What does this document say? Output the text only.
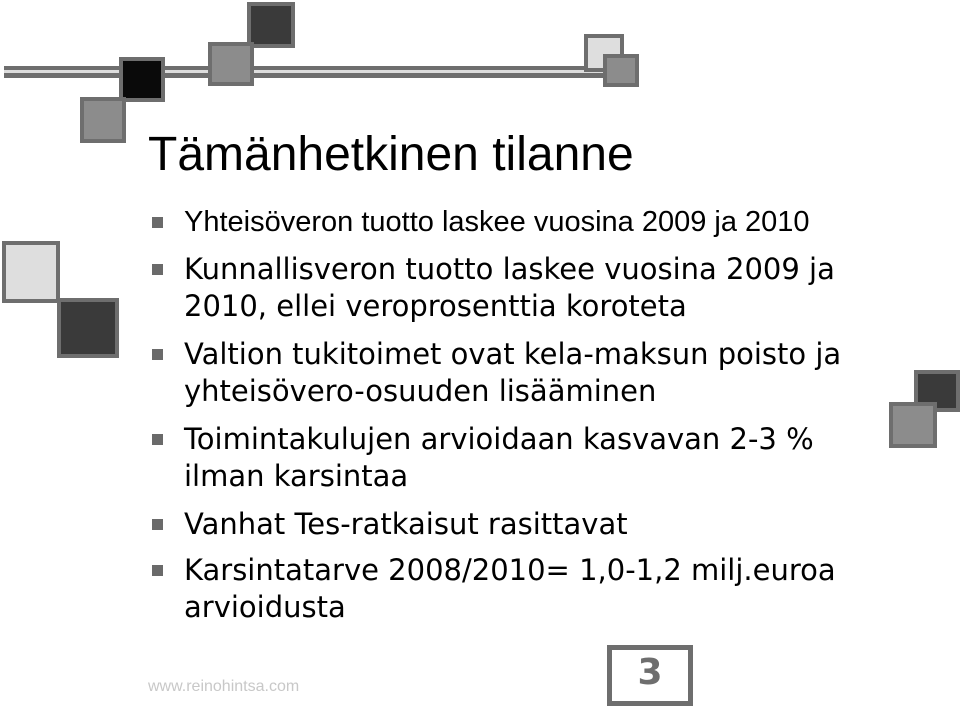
Tämänhetkinen tilanne
Yhteisöveron tuotto laskee vuosina 2009 ja 2010
Kunnallisveron tuotto laskee vuosina 2009 ja
2010, ellei veroprosenttia koroteta
Valtion tukitoimet ovat kela-maksun poisto ja
yhteisövero-osuuden lisääminen
Toimintakulujen arvioidaan kasvavan 2-3 %
ilman karsintaa
Vanhat Tes-ratkaisut rasittavat
Karsintatarve 2008/2010= 1,0-1,2 milj.euroa
arvioidusta
www.reinohintsa.com	3
